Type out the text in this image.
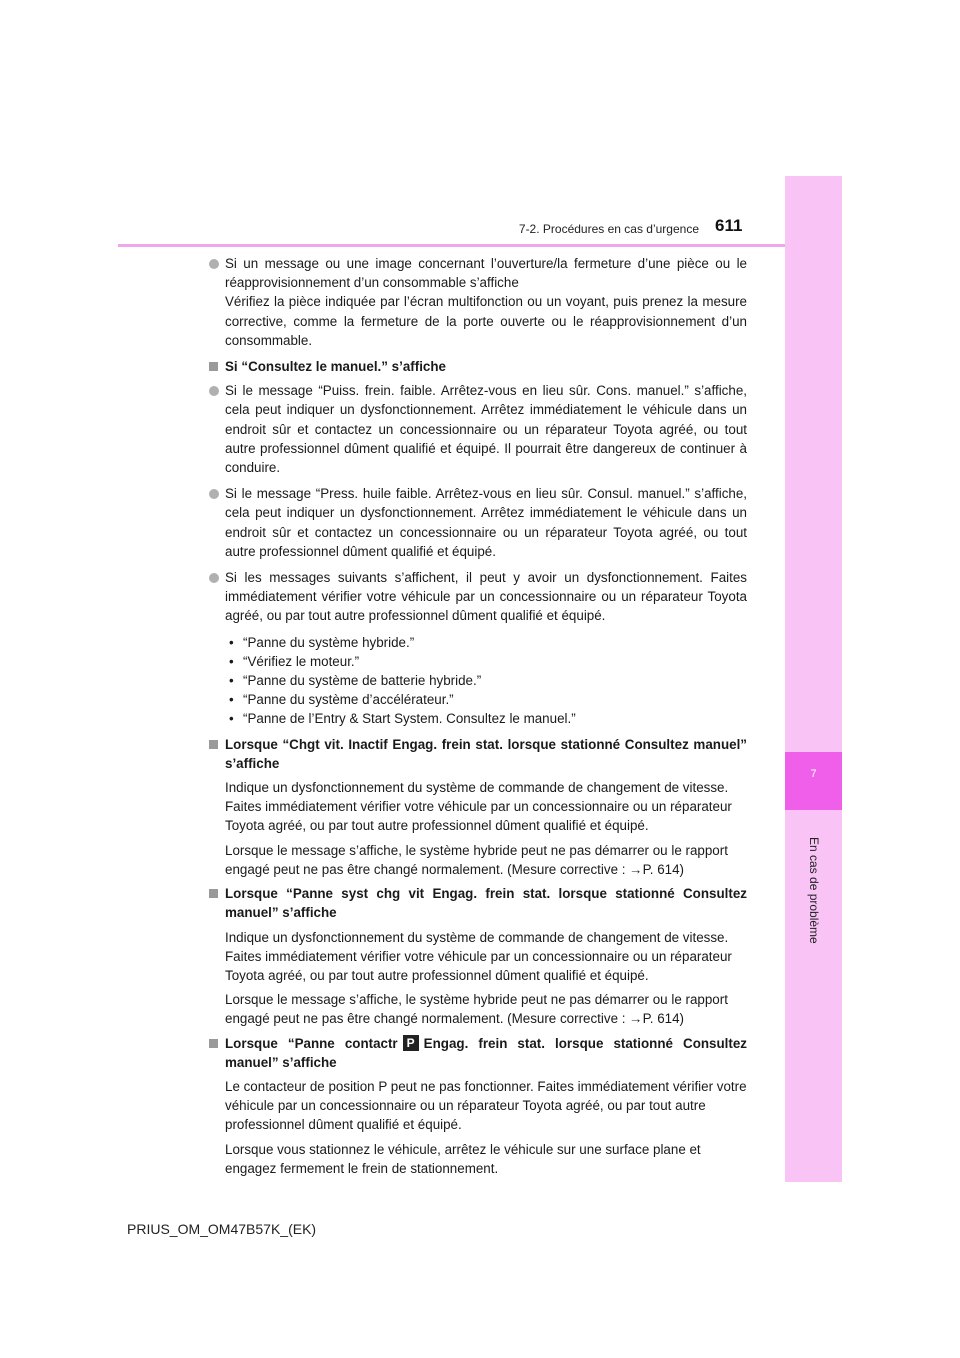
7
En cas de problème
7-2. Procédures en cas d’urgence 611
Si un message ou une image concernant l’ouverture/la fermeture d’une pièce ou le réapprovisionnement d’un consommable s’affiche
Vérifiez la pièce indiquée par l’écran multifonction ou un voyant, puis prenez la mesure corrective, comme la fermeture de la porte ouverte ou le réapprovisionnement d’un consommable.
Si “Consultez le manuel.” s’affiche
Si le message “Puiss. frein. faible. Arrêtez-vous en lieu sûr. Cons. manuel.” s’affiche, cela peut indiquer un dysfonctionnement. Arrêtez immédiatement le véhicule dans un endroit sûr et contactez un concessionnaire ou un réparateur Toyota agréé, ou tout autre professionnel dûment qualifié et équipé. Il pourrait être dangereux de continuer à conduire.
Si le message “Press. huile faible. Arrêtez-vous en lieu sûr. Consul. manuel.” s’affiche, cela peut indiquer un dysfonctionnement. Arrêtez immédiatement le véhicule dans un endroit sûr et contactez un concessionnaire ou un réparateur Toyota agréé, ou tout autre professionnel dûment qualifié et équipé.
Si les messages suivants s’affichent, il peut y avoir un dysfonctionnement. Faites immédiatement vérifier votre véhicule par un concessionnaire ou un réparateur Toyota agréé, ou par tout autre professionnel dûment qualifié et équipé.
• “Panne du système hybride.”
• “Vérifiez le moteur.”
• “Panne du système de batterie hybride.”
• “Panne du système d’accélérateur.”
• “Panne de l’Entry & Start System. Consultez le manuel.”
Lorsque “Chgt vit. Inactif Engag. frein stat. lorsque stationné Consultez manuel” s’affiche
Indique un dysfonctionnement du système de commande de changement de vitesse. Faites immédiatement vérifier votre véhicule par un concessionnaire ou un réparateur Toyota agréé, ou par tout autre professionnel dûment qualifié et équipé.
Lorsque le message s’affiche, le système hybride peut ne pas démarrer ou le rapport engagé peut ne pas être changé normalement. (Mesure corrective : →P. 614)
Lorsque “Panne syst chg vit Engag. frein stat. lorsque stationné Consultez manuel” s’affiche
Indique un dysfonctionnement du système de commande de changement de vitesse. Faites immédiatement vérifier votre véhicule par un concessionnaire ou un réparateur Toyota agréé, ou par tout autre professionnel dûment qualifié et équipé.
Lorsque le message s’affiche, le système hybride peut ne pas démarrer ou le rapport engagé peut ne pas être changé normalement. (Mesure corrective : →P. 614)
Lorsque “Panne contactr P Engag. frein stat. lorsque stationné Consultez manuel” s’affiche
Le contacteur de position P peut ne pas fonctionner. Faites immédiatement vérifier votre véhicule par un concessionnaire ou un réparateur Toyota agréé, ou par tout autre professionnel dûment qualifié et équipé.
Lorsque vous stationnez le véhicule, arrêtez le véhicule sur une surface plane et engagez fermement le frein de stationnement.
PRIUS_OM_OM47B57K_(EK)
